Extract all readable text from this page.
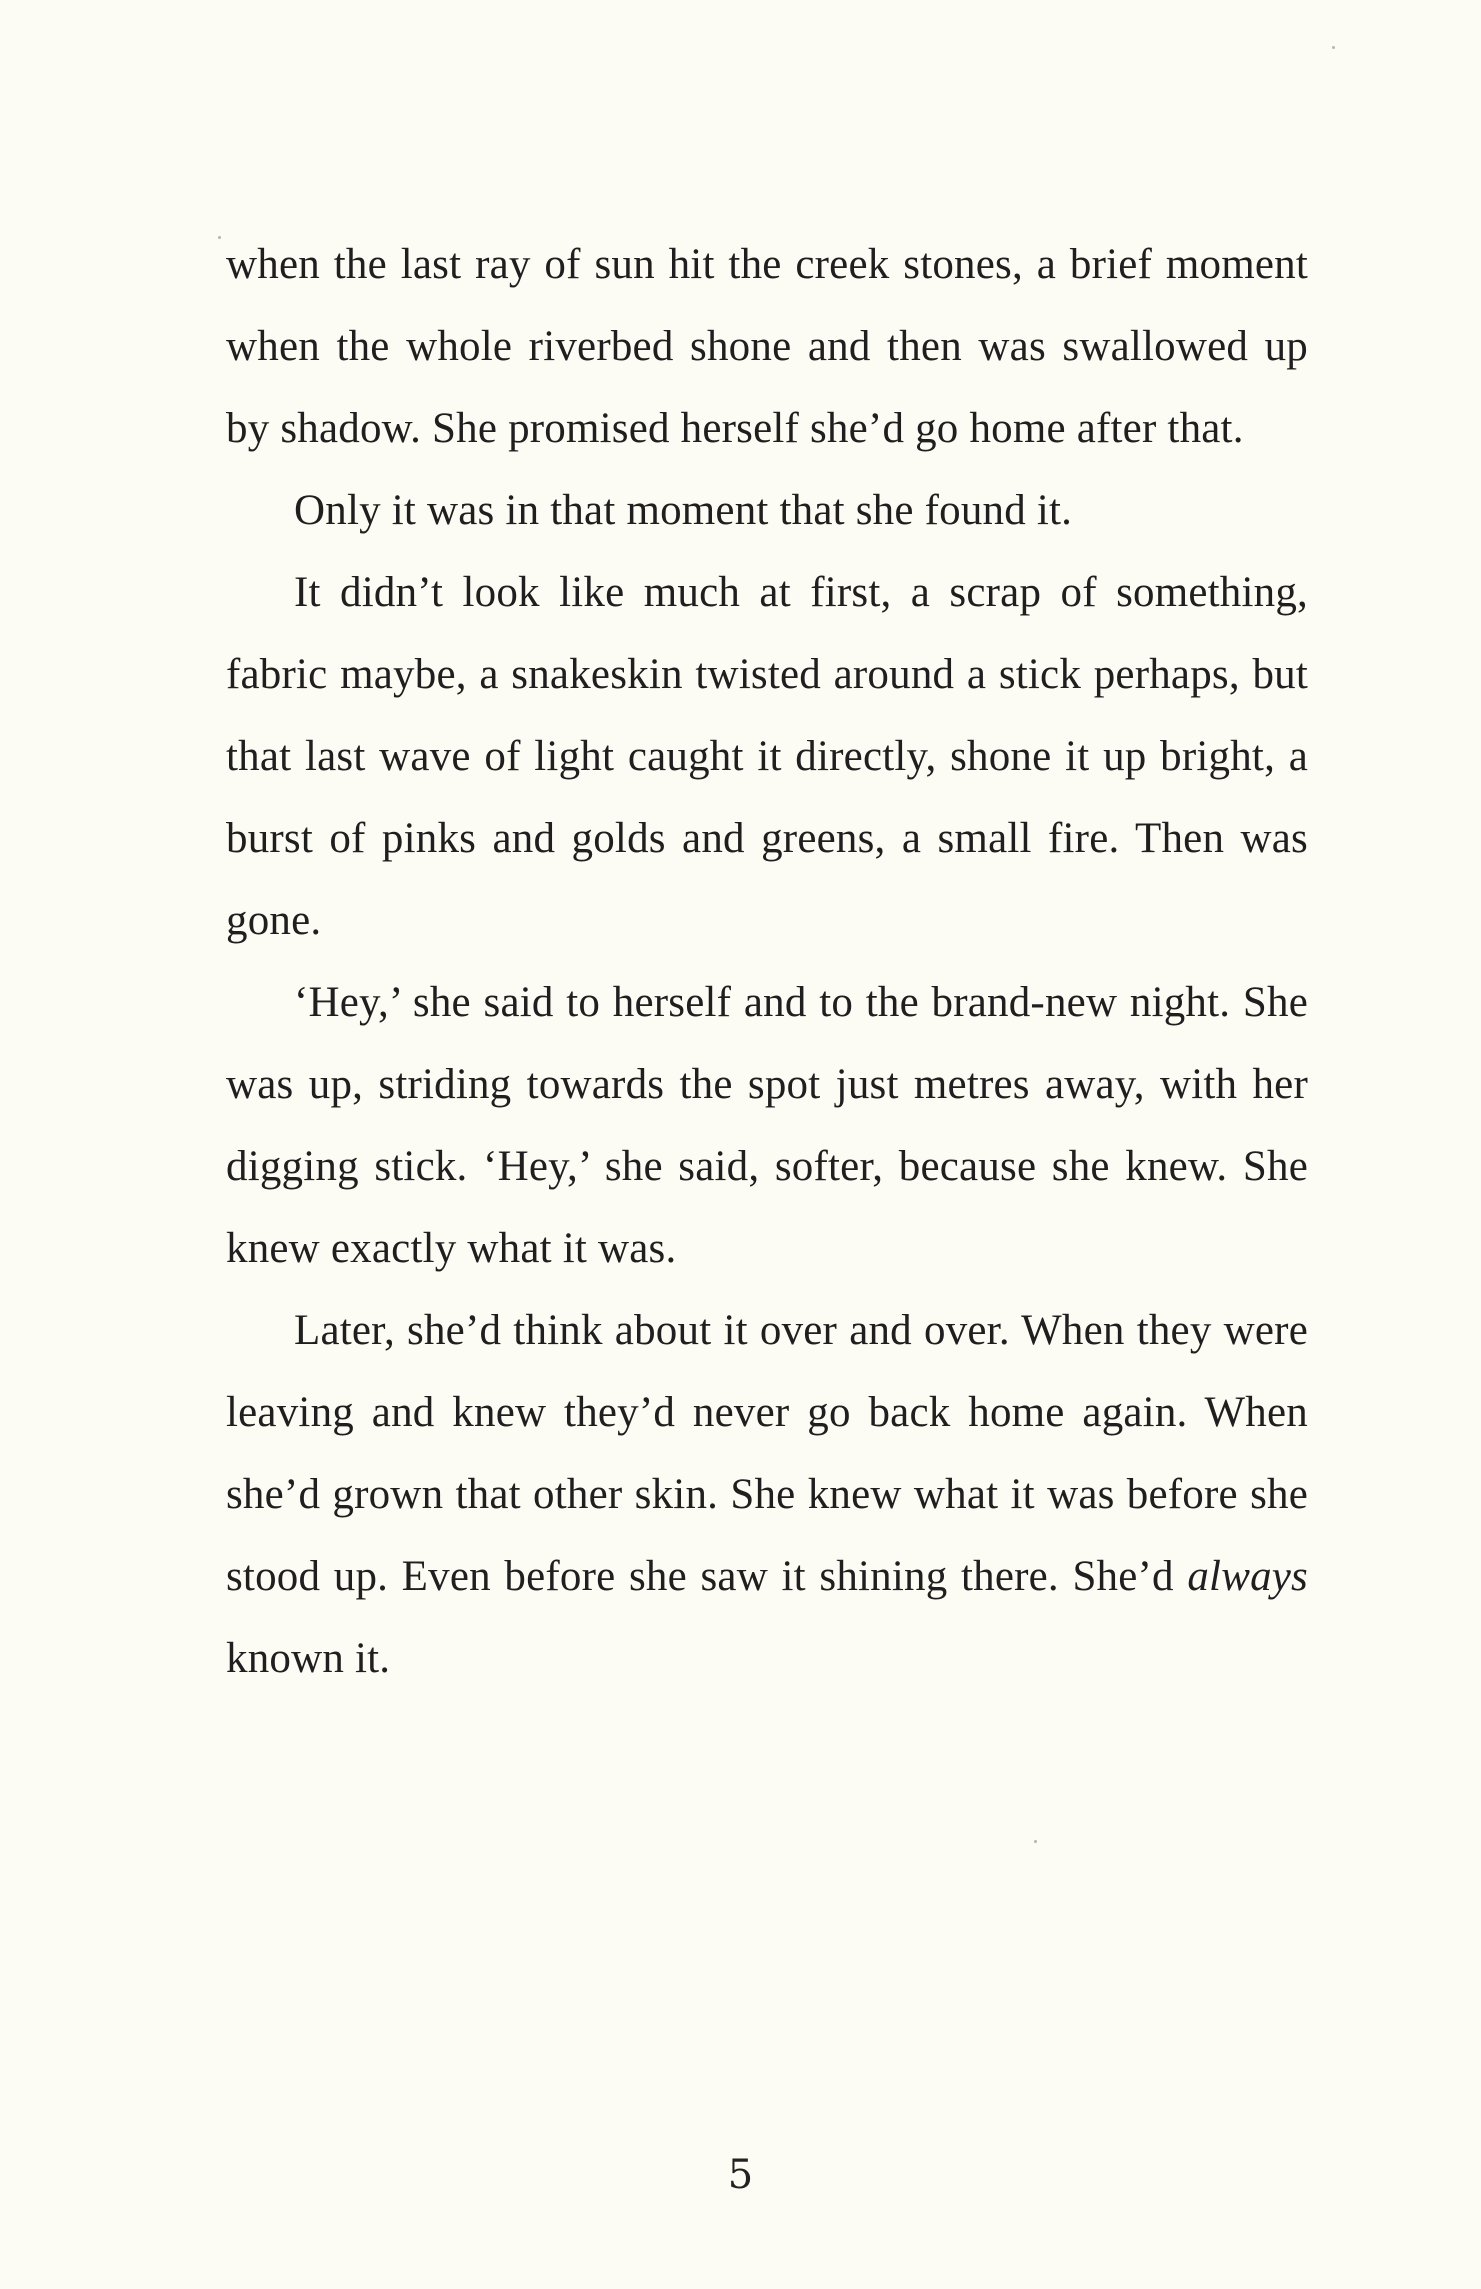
when the last ray of sun hit the creek stones, a brief moment when the whole riverbed shone and then was swallowed up by shadow. She promised herself she’d go home after that.

Only it was in that moment that she found it.

It didn’t look like much at first, a scrap of something, fabric maybe, a snakeskin twisted around a stick perhaps, but that last wave of light caught it directly, shone it up bright, a burst of pinks and golds and greens, a small fire. Then was gone.

‘Hey,’ she said to herself and to the brand-new night. She was up, striding towards the spot just metres away, with her digging stick. ‘Hey,’ she said, softer, because she knew. She knew exactly what it was.

Later, she’d think about it over and over. When they were leaving and knew they’d never go back home again. When she’d grown that other skin. She knew what it was before she stood up. Even before she saw it shining there. She’d always known it.

5
